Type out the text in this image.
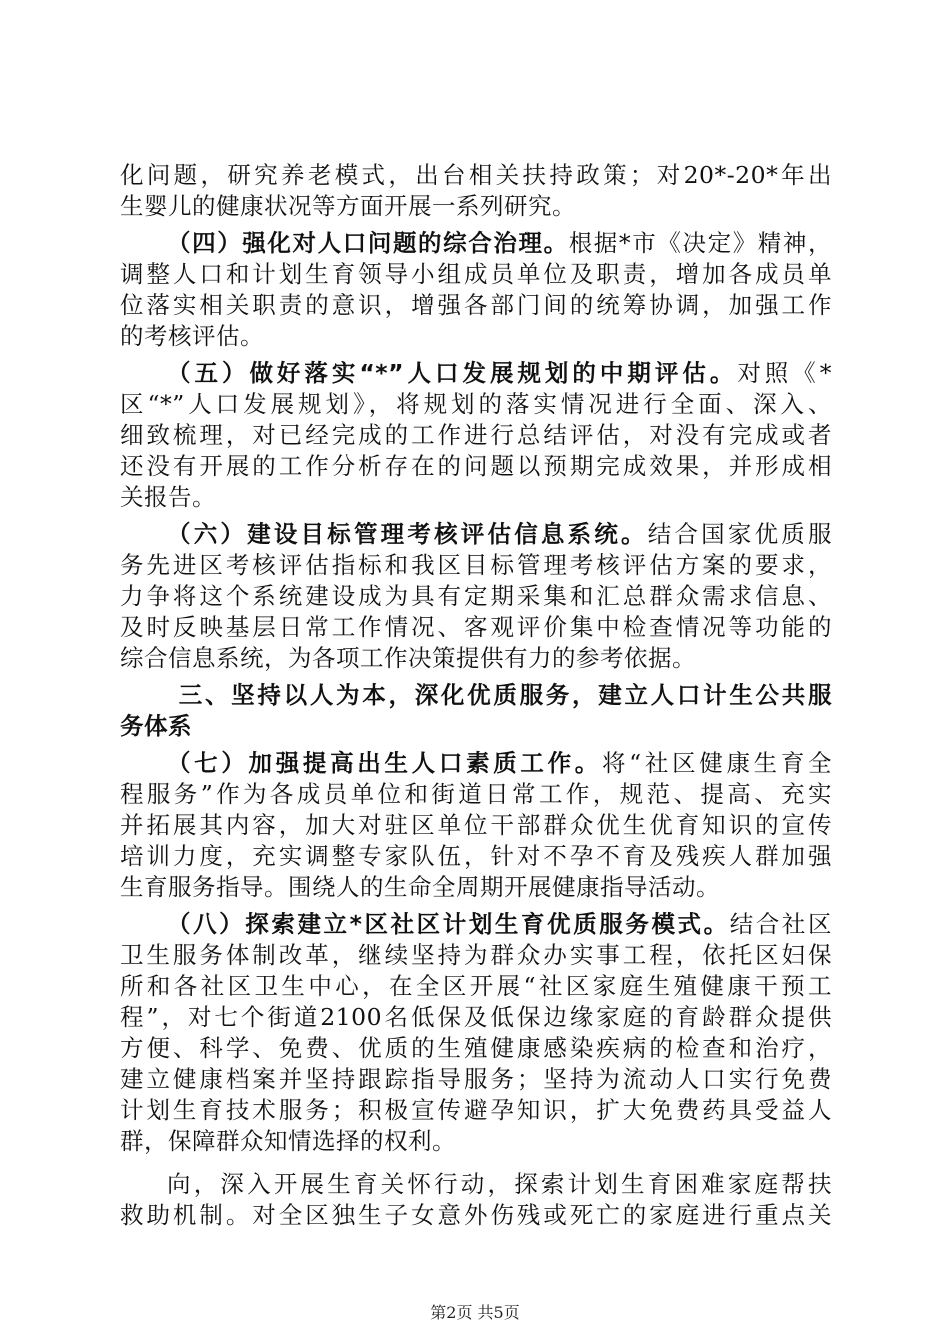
化问题，研究养老模式，出台相关扶持政策；对20*-20*年出

生婴儿的健康状况等方面开展一系列研究。

（四）强化对人口问题的综合治理。根据*市《决定》精神，

调整人口和计划生育领导小组成员单位及职责，增加各成员单

位落实相关职责的意识，增强各部门间的统筹协调，加强工作

的考核评估。

（五）做好落实“*”人口发展规划的中期评估。对照《*

区“*”人口发展规划》，将规划的落实情况进行全面、深入、

细致梳理，对已经完成的工作进行总结评估，对没有完成或者

还没有开展的工作分析存在的问题以预期完成效果，并形成相

关报告。

（六）建设目标管理考核评估信息系统。结合国家优质服

务先进区考核评估指标和我区目标管理考核评估方案的要求，

力争将这个系统建设成为具有定期采集和汇总群众需求信息、

及时反映基层日常工作情况、客观评价集中检查情况等功能的

综合信息系统，为各项工作决策提供有力的参考依据。

三、坚持以人为本，深化优质服务，建立人口计生公共服

务体系

（七）加强提高出生人口素质工作。将“社区健康生育全

程服务”作为各成员单位和街道日常工作，规范、提高、充实

并拓展其内容，加大对驻区单位干部群众优生优育知识的宣传

培训力度，充实调整专家队伍，针对不孕不育及残疾人群加强

生育服务指导。围绕人的生命全周期开展健康指导活动。

（八）探索建立*区社区计划生育优质服务模式。结合社区

卫生服务体制改革，继续坚持为群众办实事工程，依托区妇保

所和各社区卫生中心，在全区开展“社区家庭生殖健康干预工

程”，对七个街道2100名低保及低保边缘家庭的育龄群众提供

方便、科学、免费、优质的生殖健康感染疾病的检查和治疗，

建立健康档案并坚持跟踪指导服务；坚持为流动人口实行免费

计划生育技术服务；积极宣传避孕知识，扩大免费药具受益人

群，保障群众知情选择的权利。

向，深入开展生育关怀行动，探索计划生育困难家庭帮扶

救助机制。对全区独生子女意外伤残或死亡的家庭进行重点关

第2页 共5页
